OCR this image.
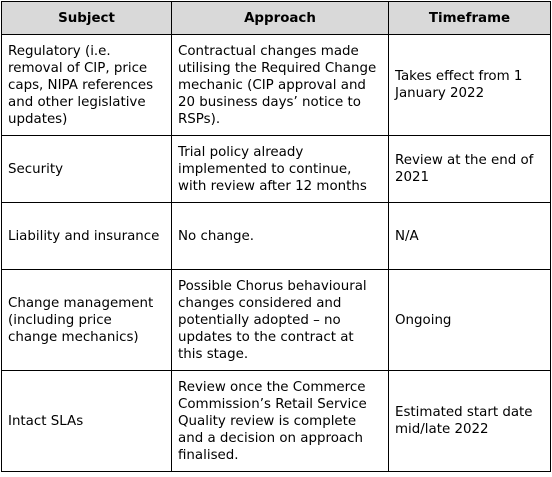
Subject	Approach	Timeframe
Regulatory (i.e. removal of CIP, price caps, NIPA references and other legislative updates)	Contractual changes made utilising the Required Change mechanic (CIP approval and 20 business days’ notice to RSPs).	Takes effect from 1 January 2022
Security	Trial policy already implemented to continue, with review after 12 months	Review at the end of 2021
Liability and insurance	No change.	N/A
Change management (including price change mechanics)	Possible Chorus behavioural changes considered and potentially adopted – no updates to the contract at this stage.	Ongoing
Intact SLAs	Review once the Commerce Commission’s Retail Service Quality review is complete and a decision on approach finalised.	Estimated start date mid/late 2022
